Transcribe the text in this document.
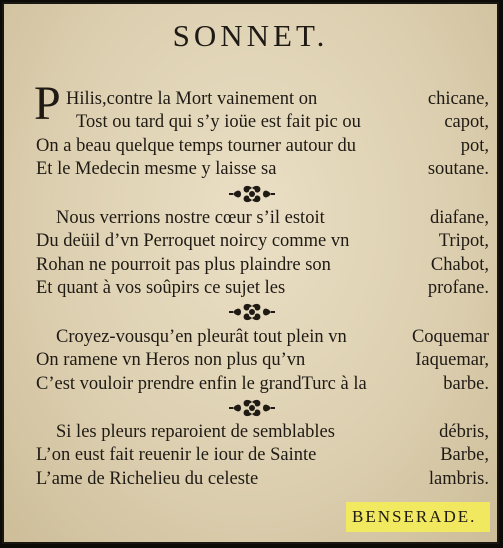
SONNET.
P Hilis,contre la Mort vainement on	chicane,
Tost ou tard qui s’y ioüe est fait pic ou	capot,
On a beau quelque temps tourner autour du	pot,
Et le Medecin mesme y laisse sa	soutane.
Nous verrions nostre cœur s’il estoit	diafane,
Du deüil d’vn Perroquet noircy comme vn	Tripot,
Rohan ne pourroit pas plus plaindre son	Chabot,
Et quant à vos soûpirs ce sujet les	profane.
Croyez-vousqu’en pleurât tout plein vn	Coquemar
On ramene vn Heros non plus qu’vn	Iaquemar,
C’est vouloir prendre enfin le grandTurc à la	barbe.
Si les pleurs reparoient de semblables	débris,
L’on eust fait reuenir le iour de Sainte	Barbe,
L’ame de Richelieu du celeste	lambris.
BENSERADE.
